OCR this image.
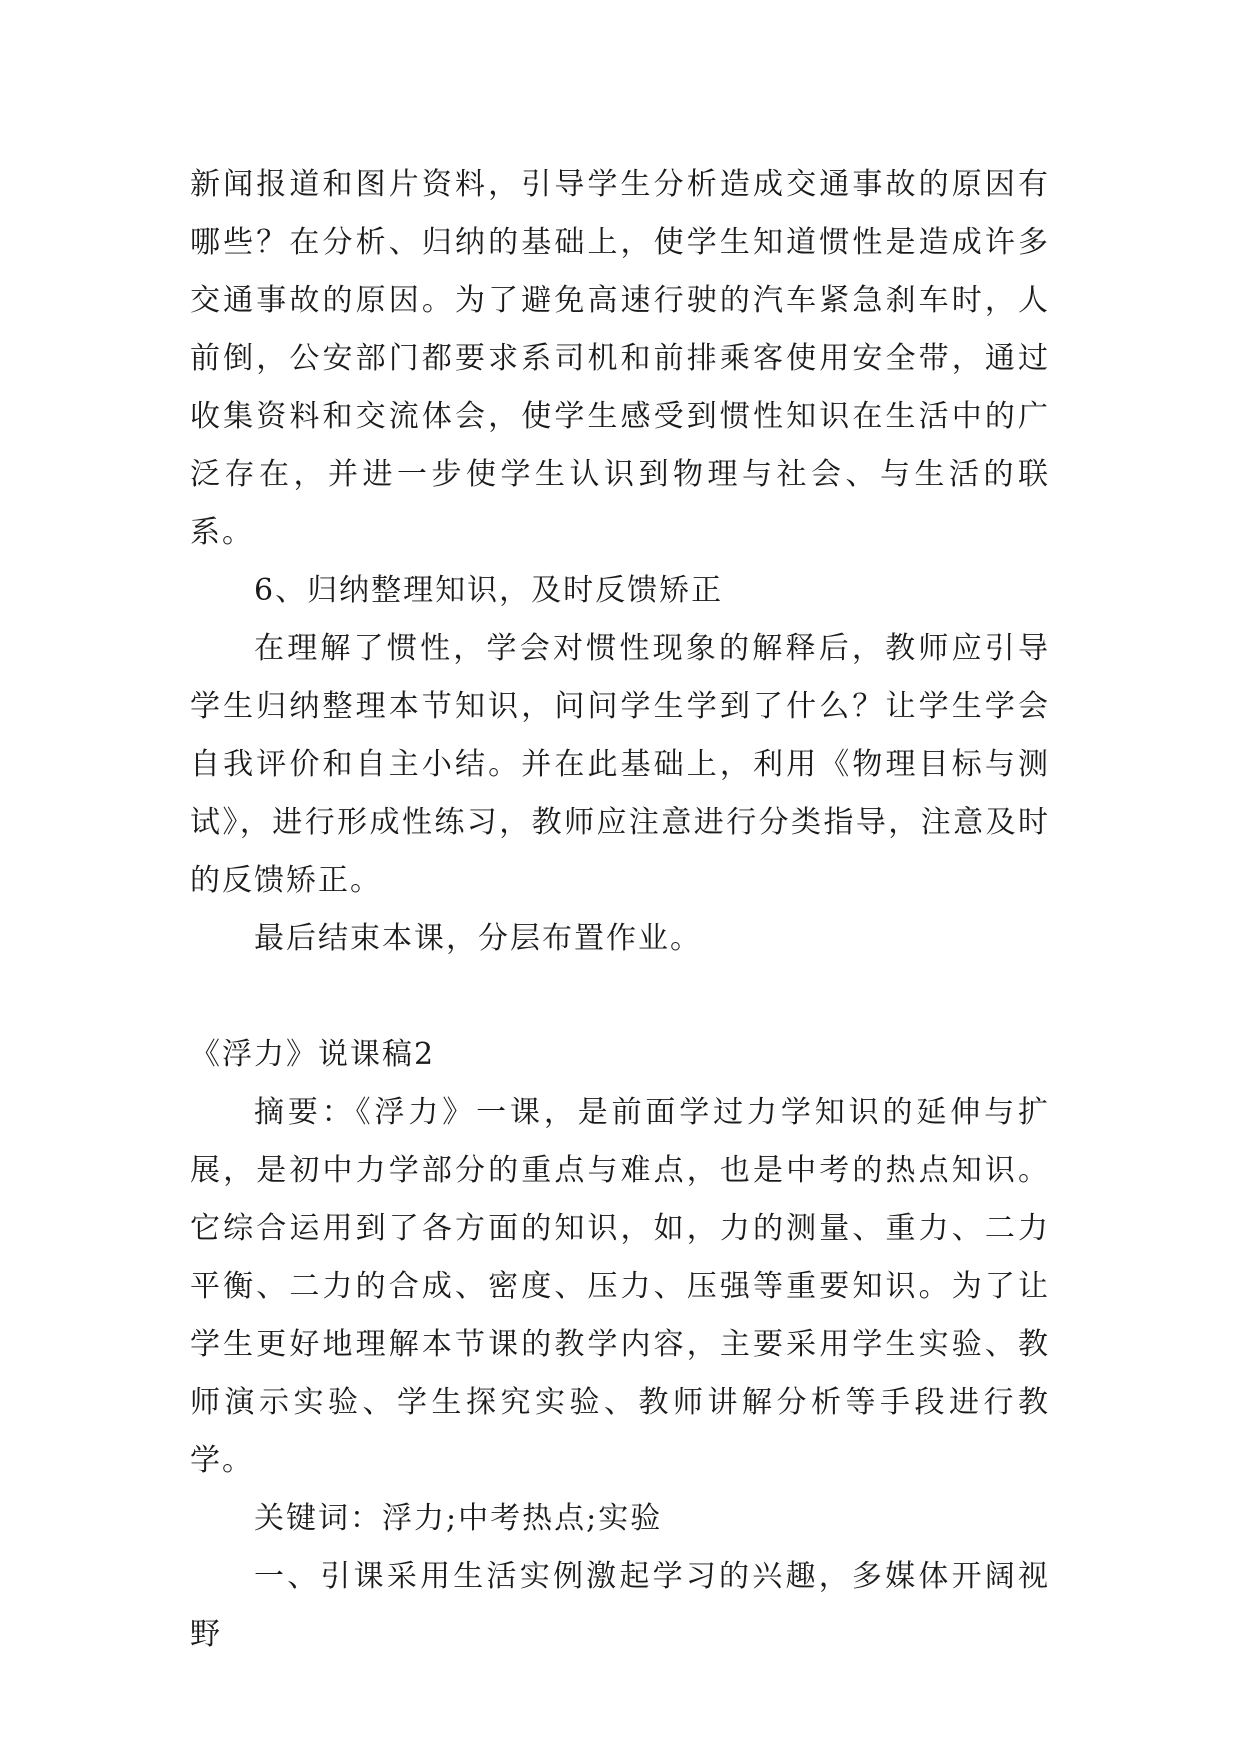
新闻报道和图片资料，引导学生分析造成交通事故的原因有哪些？在分析、归纳的基础上，使学生知道惯性是造成许多交通事故的原因。为了避免高速行驶的汽车紧急刹车时，人前倒，公安部门都要求系司机和前排乘客使用安全带，通过收集资料和交流体会，使学生感受到惯性知识在生活中的广泛存在，并进一步使学生认识到物理与社会、与生活的联系。

6、归纳整理知识，及时反馈矫正

在理解了惯性，学会对惯性现象的解释后，教师应引导学生归纳整理本节知识，问问学生学到了什么？让学生学会自我评价和自主小结。并在此基础上，利用《物理目标与测试》，进行形成性练习，教师应注意进行分类指导，注意及时的反馈矫正。

最后结束本课，分层布置作业。

《浮力》说课稿2

摘要：《浮力》一课，是前面学过力学知识的延伸与扩展，是初中力学部分的重点与难点，也是中考的热点知识。它综合运用到了各方面的知识，如，力的测量、重力、二力平衡、二力的合成、密度、压力、压强等重要知识。为了让学生更好地理解本节课的教学内容，主要采用学生实验、教师演示实验、学生探究实验、教师讲解分析等手段进行教学。

关键词：浮力;中考热点;实验

一、引课采用生活实例激起学习的兴趣，多媒体开阔视野
